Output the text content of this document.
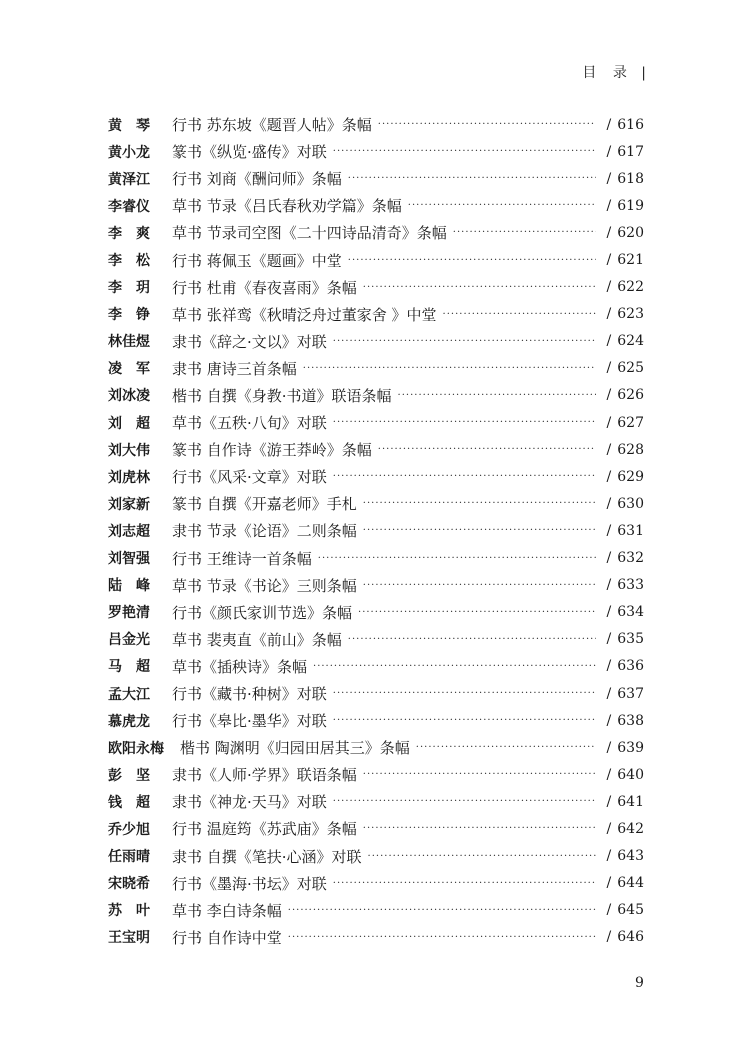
目 录 |
黄　琴	行书 苏东坡《题晋人帖》条幅 ·····	/ 616
黄小龙	篆书《纵览·盛传》对联 ·····	/ 617
黄泽江	行书 刘商《酬问师》条幅 ·····	/ 618
李睿仪	草书 节录《吕氏春秋劝学篇》条幅 ·····	/ 619
李　爽	草书 节录司空图《二十四诗品清奇》条幅 ·····	/ 620
李　松	行书 蒋佩玉《题画》中堂 ·····	/ 621
李　玥	行书 杜甫《春夜喜雨》条幅 ·····	/ 622
李　铮	草书 张祥鸾《秋晴泛舟过董家舍 》中堂 ·····	/ 623
林佳煜	隶书《辞之·文以》对联 ·····	/ 624
凌　军	隶书 唐诗三首条幅 ·····	/ 625
刘冰凌	楷书 自撰《身教·书道》联语条幅 ·····	/ 626
刘　超	草书《五秩·八旬》对联 ·····	/ 627
刘大伟	篆书 自作诗《游王莽岭》条幅 ·····	/ 628
刘虎林	行书《风采·文章》对联 ·····	/ 629
刘家新	篆书 自撰《开嘉老师》手札 ·····	/ 630
刘志超	隶书 节录《论语》二则条幅 ·····	/ 631
刘智强	行书 王维诗一首条幅 ·····	/ 632
陆　峰	草书 节录《书论》三则条幅 ·····	/ 633
罗艳清	行书《颜氏家训节选》条幅 ·····	/ 634
吕金光	草书 裴夷直《前山》条幅 ·····	/ 635
马　超	草书《插秧诗》条幅 ·····	/ 636
孟大江	行书《藏书·种树》对联 ·····	/ 637
慕虎龙	行书《皋比·墨华》对联 ·····	/ 638
欧阳永梅	楷书 陶渊明《归园田居其三》条幅 ·····	/ 639
彭　坚	隶书《人师·学界》联语条幅 ·····	/ 640
钱　超	隶书《神龙·天马》对联 ·····	/ 641
乔少旭	行书 温庭筠《苏武庙》条幅 ·····	/ 642
任雨晴	隶书 自撰《笔扶·心涵》对联 ·····	/ 643
宋晓希	行书《墨海·书坛》对联 ·····	/ 644
苏　叶	草书 李白诗条幅 ·····	/ 645
王宝明	行书 自作诗中堂 ·····	/ 646
9
